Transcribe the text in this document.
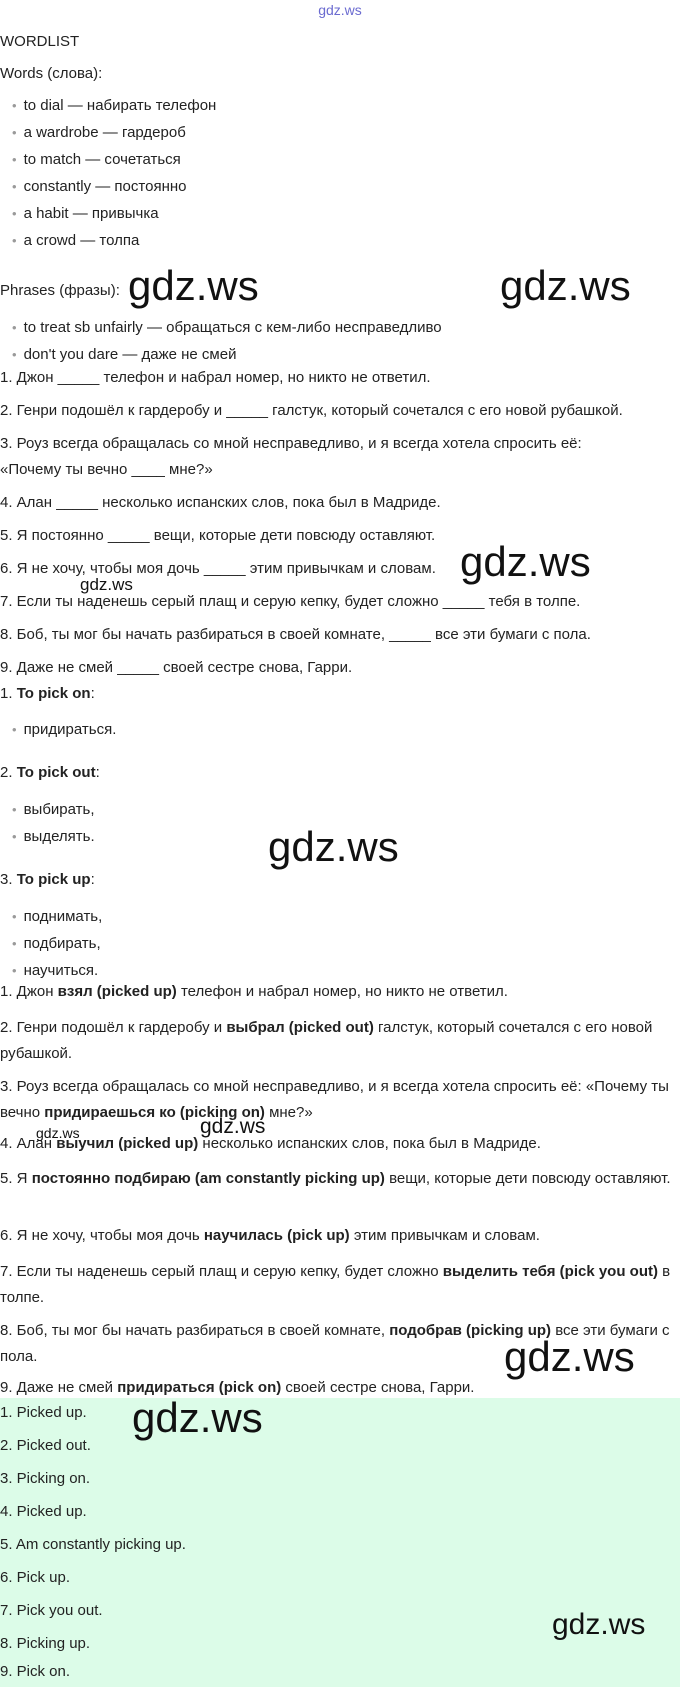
gdz.ws
WORDLIST
Words (слова):
• to dial — набирать телефон
• a wardrobe — гардероб
• to match — сочетаться
• constantly — постоянно
• a habit — привычка
• a crowd — толпа
Phrases (фразы):
• to treat sb unfairly — обращаться с кем-либо несправедливо
• don't you dare — даже не смей
1. Джон _____ телефон и набрал номер, но никто не ответил.
2. Генри подошёл к гардеробу и _____ галстук, который сочетался с его новой рубашкой.
3. Роуз всегда обращалась со мной несправедливо, и я всегда хотела спросить её:
«Почему ты вечно ____ мне?»
4. Алан _____ несколько испанских слов, пока был в Мадриде.
5. Я постоянно _____ вещи, которые дети повсюду оставляют.
6. Я не хочу, чтобы моя дочь _____ этим привычкам и словам.
7. Если ты наденешь серый плащ и серую кепку, будет сложно _____ тебя в толпе.
8. Боб, ты мог бы начать разбираться в своей комнате, _____ все эти бумаги с пола.
9. Даже не смей _____ своей сестре снова, Гарри.
1. To pick on:
• придираться.
2. To pick out:
• выбирать,
• выделять.
3. To pick up:
• поднимать,
• подбирать,
• научиться.
1. Джон взял (picked up) телефон и набрал номер, но никто не ответил.
2. Генри подошёл к гардеробу и выбрал (picked out) галстук, который сочетался с его новой рубашкой.
3. Роуз всегда обращалась со мной несправедливо, и я всегда хотела спросить её: «Почему ты вечно придираешься ко (picking on) мне?»
4. Алан выучил (picked up) несколько испанских слов, пока был в Мадриде.
5. Я постоянно подбираю (am constantly picking up) вещи, которые дети повсюду оставляют.
6. Я не хочу, чтобы моя дочь научилась (pick up) этим привычкам и словам.
7. Если ты наденешь серый плащ и серую кепку, будет сложно выделить тебя (pick you out) в толпе.
8. Боб, ты мог бы начать разбираться в своей комнате, подобрав (picking up) все эти бумаги с пола.
9. Даже не смей придираться (pick on) своей сестре снова, Гарри.
1. Picked up.
2. Picked out.
3. Picking on.
4. Picked up.
5. Am constantly picking up.
6. Pick up.
7. Pick you out.
8. Picking up.
9. Pick on.
gdz.ws	gdz.ws
gdz.ws
gdz.ws
gdz.ws
gdz.ws	gdz.ws
gdz.ws
gdz.ws
gdz.ws
